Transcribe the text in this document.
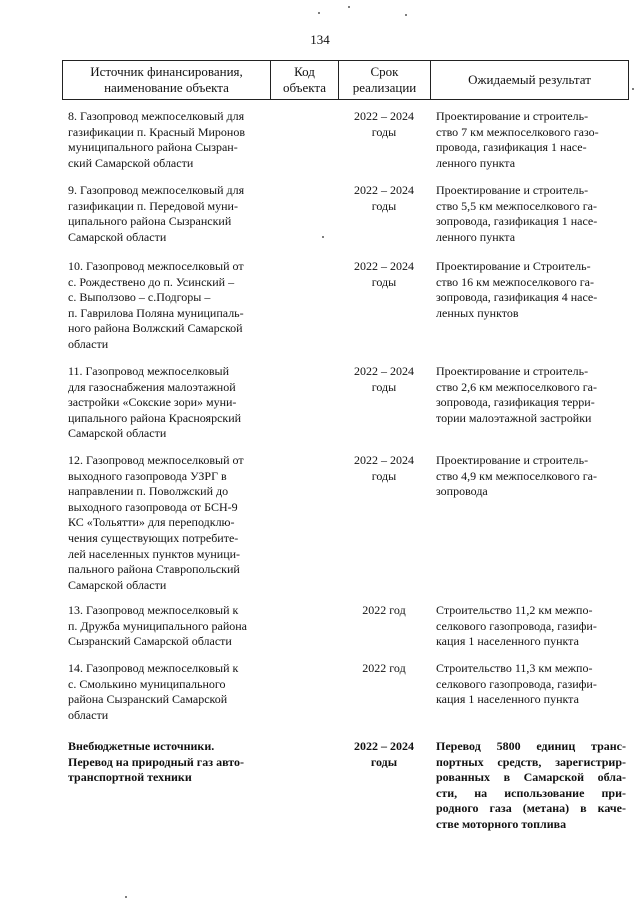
134
Источник финансирования,
наименование объекта
Код
объекта
Срок
реализации
Ожидаемый результат
8. Газопровод межпоселковый для
газификации п. Красный Миронов
муниципального района Сызран-
ский Самарской области
2022 – 2024
годы
Проектирование и строитель-
ство 7 км межпоселкового газо-
провода, газификация 1 насе-
ленного пункта
9. Газопровод межпоселковый для
газификации п. Передовой муни-
ципального района Сызранский
Самарской области
2022 – 2024
годы
Проектирование и строитель-
ство 5,5 км межпоселкового га-
зопровода, газификация 1 насе-
ленного пункта
10. Газопровод межпоселковый от
с. Рождествено до п. Усинский –
с. Выползово – с.Подгоры –
п. Гаврилова Поляна муниципаль-
ного района Волжский Самарской
области
2022 – 2024
годы
Проектирование и Строитель-
ство 16 км межпоселкового га-
зопровода, газификация 4 насе-
ленных пунктов
11. Газопровод межпоселковый
для газоснабжения малоэтажной
застройки «Сокские зори» муни-
ципального района Красноярский
Самарской области
2022 – 2024
годы
Проектирование и строитель-
ство 2,6 км межпоселкового га-
зопровода, газификация терри-
тории малоэтажной застройки
12. Газопровод межпоселковый от
выходного газопровода УЗРГ в
направлении п. Поволжский до
выходного газопровода от БСН-9
КС «Тольятти» для переподклю-
чения существующих потребите-
лей населенных пунктов муници-
пального района Ставропольский
Самарской области
2022 – 2024
годы
Проектирование и строитель-
ство 4,9 км межпоселкового га-
зопровода
13. Газопровод межпоселковый к
п. Дружба муниципального района
Сызранский Самарской области
2022 год	Строительство 11,2 км межпо-
селкового газопровода, газифи-
кация 1 населенного пункта
14. Газопровод межпоселковый к
с. Смолькино муниципального
района Сызранский Самарской
области
2022 год	Строительство 11,3 км межпо-
селкового газопровода, газифи-
кация 1 населенного пункта
Внебюджетные источники.
Перевод на природный газ авто-
транспортной техники
2022 – 2024
годы
Перевод 5800 единиц транс-
портных средств, зарегистрир-
рованных в Самарской обла-
сти, на использование при-
родного газа (метана) в каче-
стве моторного топлива
